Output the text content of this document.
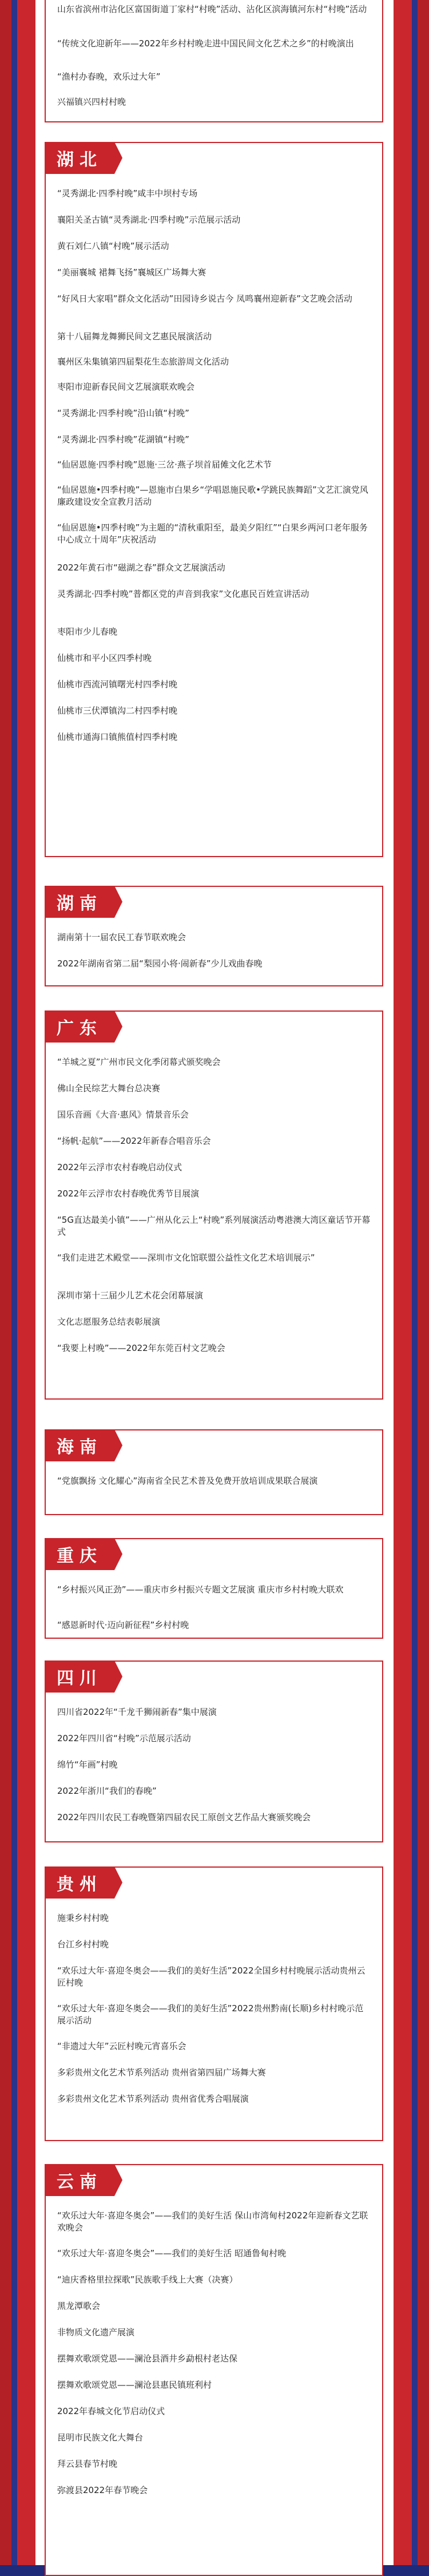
山东省滨州市沾化区富国街道丁家村“村晚”活动、沾化区滨海镇河东村“村晚”活动

“传统文化迎新年——2022年乡村村晚走进中国民间文化艺术之乡”的村晚演出

“渔村办春晚，欢乐过大年”

兴福镇兴四村村晚

湖北

“灵秀湖北·四季村晚”咸丰中坝村专场

襄阳关圣古镇“灵秀湖北·四季村晚”示范展示活动

黄石刘仁八镇“村晚”展示活动

“美丽襄城 裙舞飞扬”襄城区广场舞大赛

“好风日大家唱”群众文化活动”田园诗乡说古今 凤鸣襄州迎新春”文艺晚会活动

第十八届舞龙舞狮民间文艺惠民展演活动

襄州区朱集镇第四届梨花生态旅游周文化活动

枣阳市迎新春民间文艺展演联欢晚会

“灵秀湖北·四季村晚”沿山镇“村晚”

“灵秀湖北·四季村晚”花湖镇“村晚”

“仙居恩施·四季村晚”恩施·三岔·燕子坝首届傩文化艺术节

“仙居恩施•四季村晚”—恩施市白果乡“学唱恩施民歌•学跳民族舞蹈”文艺汇演党风廉政建设安全宣教月活动

“仙居恩施•四季村晚”为主题的“清秋重阳至，最美夕阳红”“白果乡两河口老年服务中心成立十周年”庆祝活动

2022年黄石市“磁湖之春”群众文艺展演活动

灵秀湖北·四季村晚”普都区党的声音到我家”文化惠民百姓宣讲活动

枣阳市少儿春晚

仙桃市和平小区四季村晚

仙桃市西流河镇曙光村四季村晚

仙桃市三伏潭镇沟二村四季村晚

仙桃市通海口镇熊值村四季村晚

湖南

湖南第十一届农民工春节联欢晚会

2022年湖南省第二届“梨园小将·闹新春”少儿戏曲春晚

广东

“羊城之夏”广州市民文化季闭幕式颁奖晚会

佛山全民综艺大舞台总决赛

国乐音画《大音·惠风》情景音乐会

“扬帆·起航”——2022年新春合唱音乐会

2022年云浮市农村春晚启动仪式

2022年云浮市农村春晚优秀节目展演

“5G直达最美小镇”——广州从化云上“村晚”系列展演活动粤港澳大湾区童话节开幕式

“我们走进艺术殿堂——深圳市文化馆联盟公益性文化艺术培训展示”

深圳市第十三届少儿艺术花会闭幕展演

文化志愿服务总结表彰展演

“我要上村晚”——2022年东莞百村文艺晚会

海南

“党旗飘扬 文化耀心”海南省全民艺术普及免费开放培训成果联合展演

重庆

“乡村振兴风正劲”——重庆市乡村振兴专题文艺展演 重庆市乡村村晚大联欢

“感恩新时代·迈向新征程”乡村村晚

四川

四川省2022年“千龙千狮闹新春”集中展演

2022年四川省“村晚”示范展示活动

绵竹“年画”村晚

2022年浙川“我们的春晚”

2022年四川农民工春晚暨第四届农民工原创文艺作品大赛颁奖晚会

贵州

施秉乡村村晚

台江乡村村晚

“欢乐过大年·喜迎冬奥会——我们的美好生活”2022全国乡村村晚展示活动贵州云匠村晚

“欢乐过大年·喜迎冬奥会——我们的美好生活”2022贵州黔南(长顺)乡村村晚示范展示活动

“非遗过大年”云匠村晚元宵喜乐会

多彩贵州文化艺术节系列活动 贵州省第四届广场舞大赛

多彩贵州文化艺术节系列活动 贵州省优秀合唱展演

云南

“欢乐过大年·喜迎冬奥会”——我们的美好生活 保山市湾甸村2022年迎新春文艺联欢晚会

“欢乐过大年·喜迎冬奥会”——我们的美好生活 昭通鲁甸村晚

“迪庆香格里拉探歌”民族歌手线上大赛（决赛）

黑龙潭歌会

非物质文化遗产展演

摆舞欢歌颂党恩——澜沧县酒井乡勐根村老达保

摆舞欢歌颂党恩——澜沧县惠民镇班利村

2022年春城文化节启动仪式

昆明市民族文化大舞台

拜云县春节村晚

弥渡县2022年春节晚会
